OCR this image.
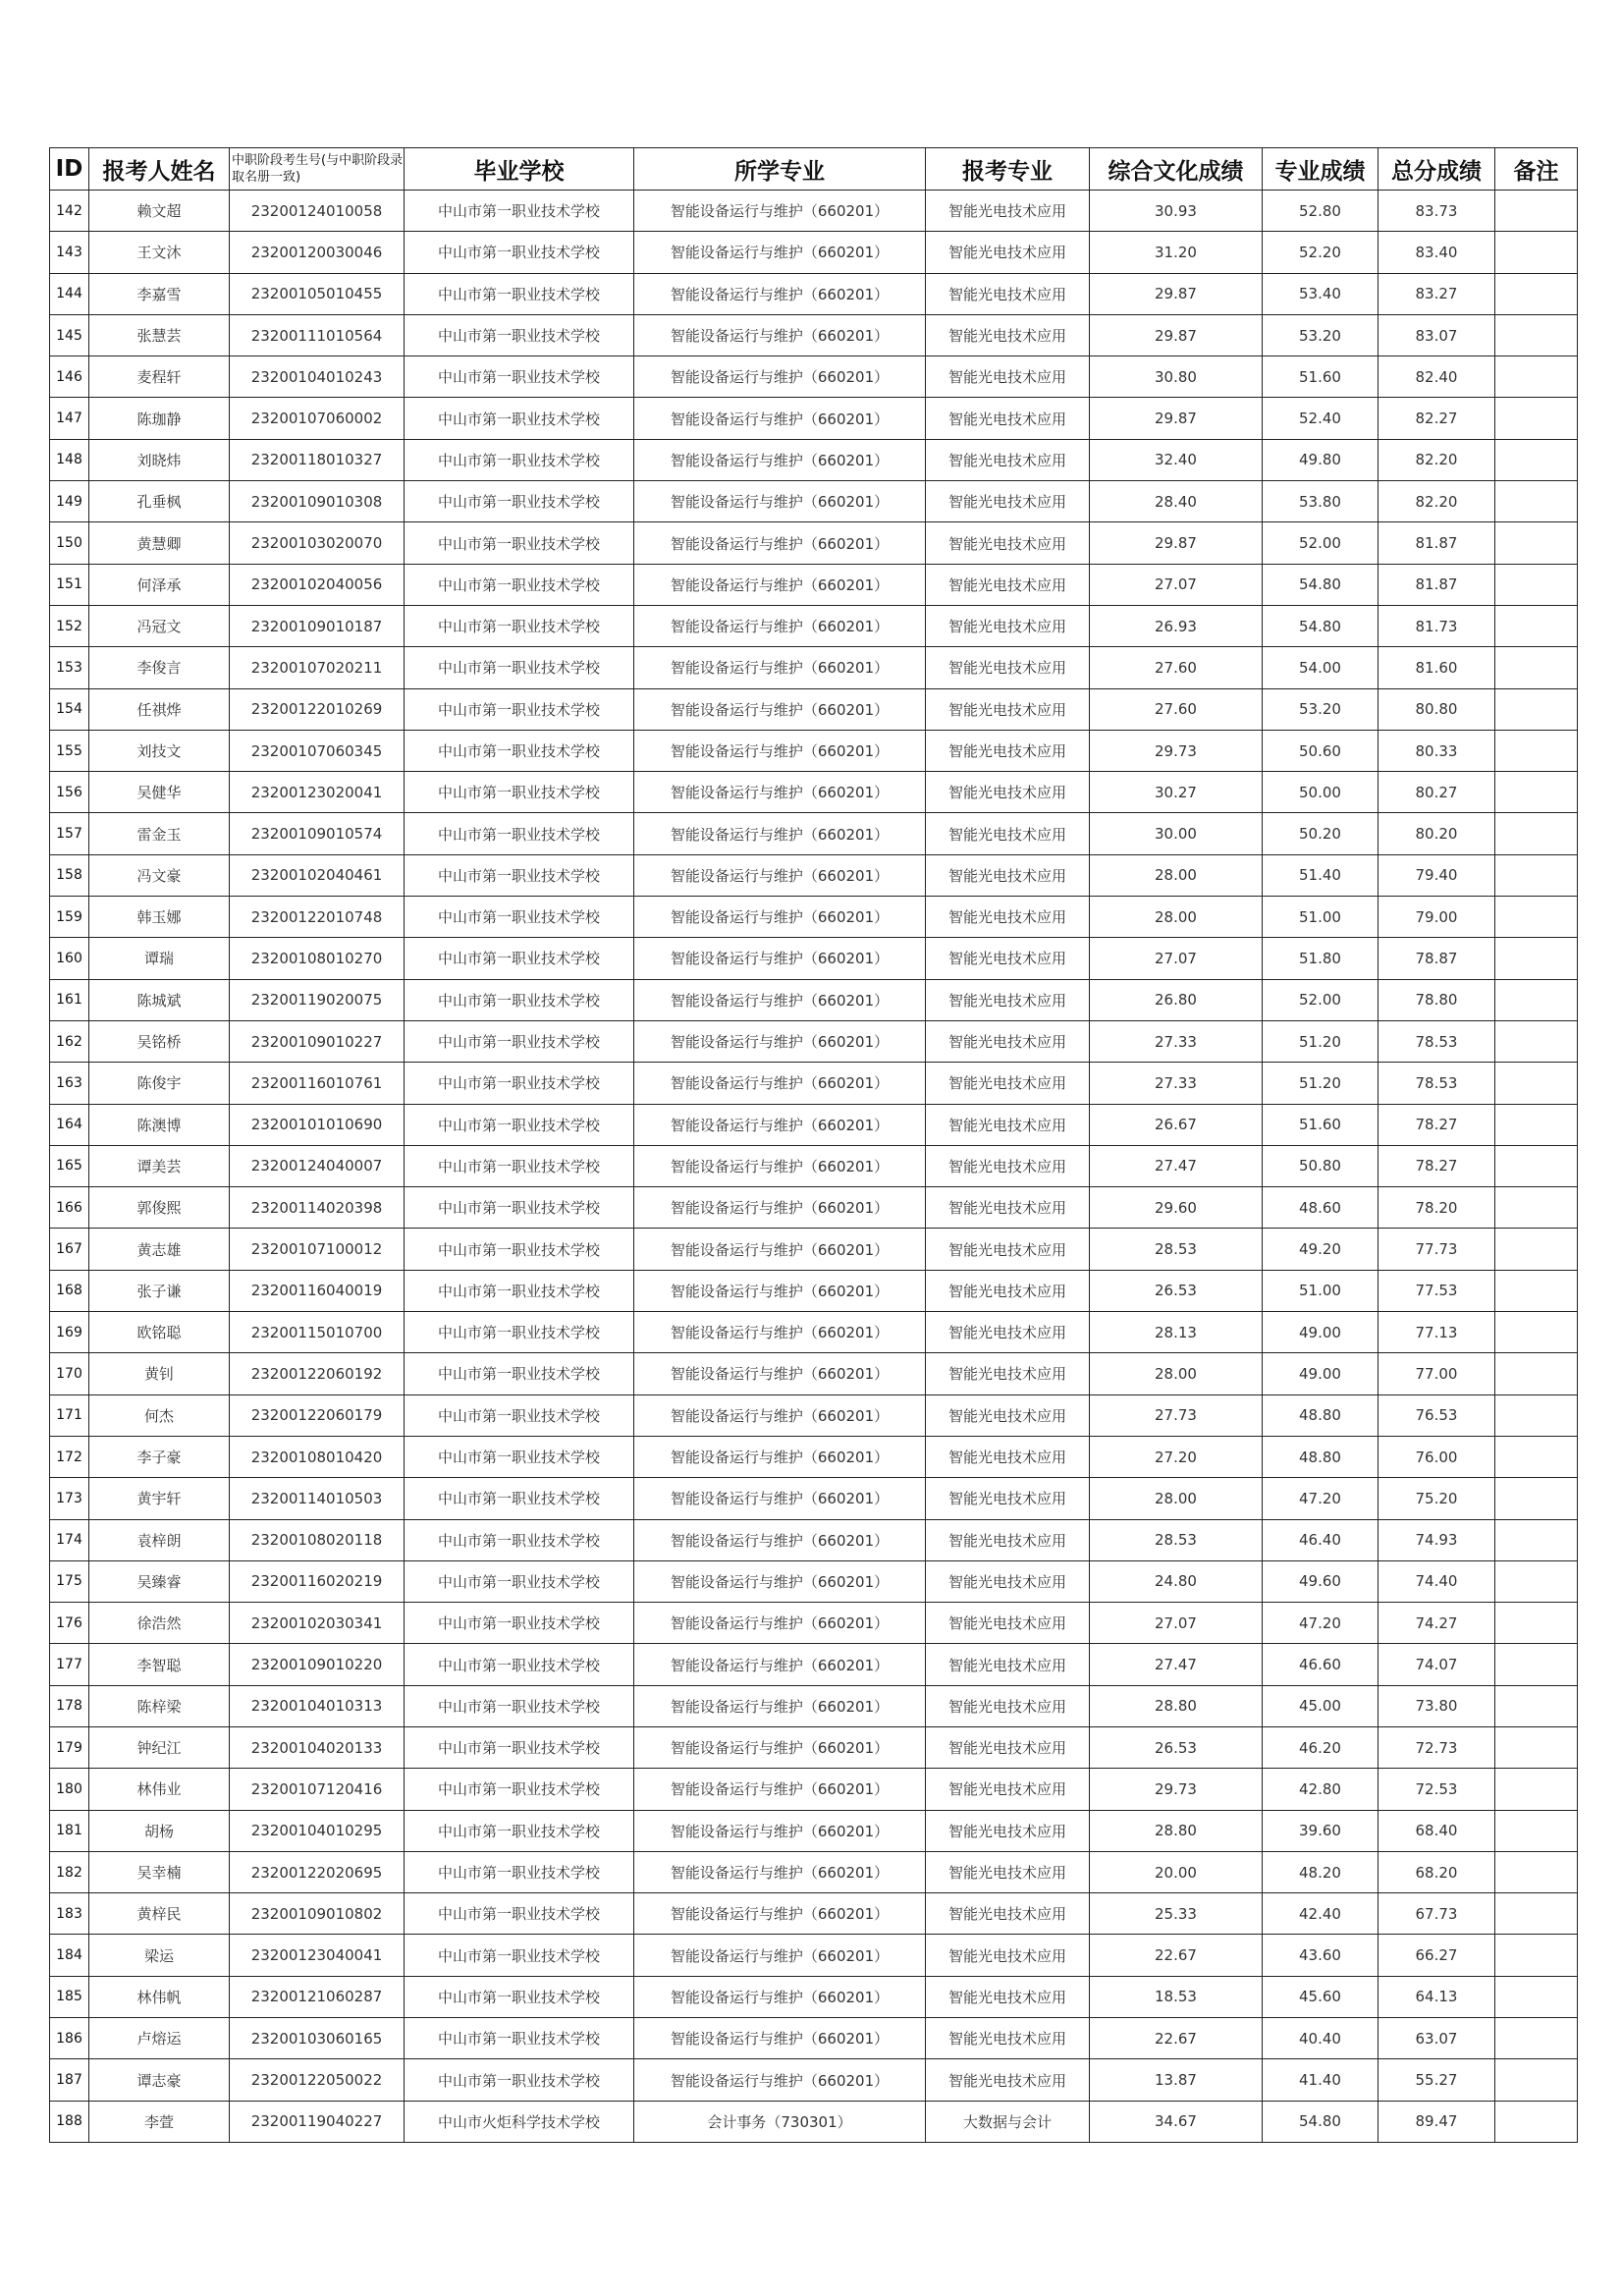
ID	报考人姓名	中职阶段考生号(与中职阶段录取名册一致)	毕业学校	所学专业	报考专业	综合文化成绩	专业成绩	总分成绩	备注
142	赖文超	23200124010058	中山市第一职业技术学校	智能设备运行与维护（660201）	智能光电技术应用	30.93	52.80	83.73	
143	王文沐	23200120030046	中山市第一职业技术学校	智能设备运行与维护（660201）	智能光电技术应用	31.20	52.20	83.40	
144	李嘉雪	23200105010455	中山市第一职业技术学校	智能设备运行与维护（660201）	智能光电技术应用	29.87	53.40	83.27	
145	张慧芸	23200111010564	中山市第一职业技术学校	智能设备运行与维护（660201）	智能光电技术应用	29.87	53.20	83.07	
146	麦程轩	23200104010243	中山市第一职业技术学校	智能设备运行与维护（660201）	智能光电技术应用	30.80	51.60	82.40	
147	陈珈静	23200107060002	中山市第一职业技术学校	智能设备运行与维护（660201）	智能光电技术应用	29.87	52.40	82.27	
148	刘晓炜	23200118010327	中山市第一职业技术学校	智能设备运行与维护（660201）	智能光电技术应用	32.40	49.80	82.20	
149	孔垂枫	23200109010308	中山市第一职业技术学校	智能设备运行与维护（660201）	智能光电技术应用	28.40	53.80	82.20	
150	黄慧卿	23200103020070	中山市第一职业技术学校	智能设备运行与维护（660201）	智能光电技术应用	29.87	52.00	81.87	
151	何泽承	23200102040056	中山市第一职业技术学校	智能设备运行与维护（660201）	智能光电技术应用	27.07	54.80	81.87	
152	冯冠文	23200109010187	中山市第一职业技术学校	智能设备运行与维护（660201）	智能光电技术应用	26.93	54.80	81.73	
153	李俊言	23200107020211	中山市第一职业技术学校	智能设备运行与维护（660201）	智能光电技术应用	27.60	54.00	81.60	
154	任祺烨	23200122010269	中山市第一职业技术学校	智能设备运行与维护（660201）	智能光电技术应用	27.60	53.20	80.80	
155	刘技文	23200107060345	中山市第一职业技术学校	智能设备运行与维护（660201）	智能光电技术应用	29.73	50.60	80.33	
156	吴健华	23200123020041	中山市第一职业技术学校	智能设备运行与维护（660201）	智能光电技术应用	30.27	50.00	80.27	
157	雷金玉	23200109010574	中山市第一职业技术学校	智能设备运行与维护（660201）	智能光电技术应用	30.00	50.20	80.20	
158	冯文豪	23200102040461	中山市第一职业技术学校	智能设备运行与维护（660201）	智能光电技术应用	28.00	51.40	79.40	
159	韩玉娜	23200122010748	中山市第一职业技术学校	智能设备运行与维护（660201）	智能光电技术应用	28.00	51.00	79.00	
160	谭瑞	23200108010270	中山市第一职业技术学校	智能设备运行与维护（660201）	智能光电技术应用	27.07	51.80	78.87	
161	陈城斌	23200119020075	中山市第一职业技术学校	智能设备运行与维护（660201）	智能光电技术应用	26.80	52.00	78.80	
162	吴铭桥	23200109010227	中山市第一职业技术学校	智能设备运行与维护（660201）	智能光电技术应用	27.33	51.20	78.53	
163	陈俊宇	23200116010761	中山市第一职业技术学校	智能设备运行与维护（660201）	智能光电技术应用	27.33	51.20	78.53	
164	陈澳博	23200101010690	中山市第一职业技术学校	智能设备运行与维护（660201）	智能光电技术应用	26.67	51.60	78.27	
165	谭美芸	23200124040007	中山市第一职业技术学校	智能设备运行与维护（660201）	智能光电技术应用	27.47	50.80	78.27	
166	郭俊熙	23200114020398	中山市第一职业技术学校	智能设备运行与维护（660201）	智能光电技术应用	29.60	48.60	78.20	
167	黄志雄	23200107100012	中山市第一职业技术学校	智能设备运行与维护（660201）	智能光电技术应用	28.53	49.20	77.73	
168	张子谦	23200116040019	中山市第一职业技术学校	智能设备运行与维护（660201）	智能光电技术应用	26.53	51.00	77.53	
169	欧铭聪	23200115010700	中山市第一职业技术学校	智能设备运行与维护（660201）	智能光电技术应用	28.13	49.00	77.13	
170	黄钊	23200122060192	中山市第一职业技术学校	智能设备运行与维护（660201）	智能光电技术应用	28.00	49.00	77.00	
171	何杰	23200122060179	中山市第一职业技术学校	智能设备运行与维护（660201）	智能光电技术应用	27.73	48.80	76.53	
172	李子豪	23200108010420	中山市第一职业技术学校	智能设备运行与维护（660201）	智能光电技术应用	27.20	48.80	76.00	
173	黄宇轩	23200114010503	中山市第一职业技术学校	智能设备运行与维护（660201）	智能光电技术应用	28.00	47.20	75.20	
174	袁梓朗	23200108020118	中山市第一职业技术学校	智能设备运行与维护（660201）	智能光电技术应用	28.53	46.40	74.93	
175	吴臻睿	23200116020219	中山市第一职业技术学校	智能设备运行与维护（660201）	智能光电技术应用	24.80	49.60	74.40	
176	徐浩然	23200102030341	中山市第一职业技术学校	智能设备运行与维护（660201）	智能光电技术应用	27.07	47.20	74.27	
177	李智聪	23200109010220	中山市第一职业技术学校	智能设备运行与维护（660201）	智能光电技术应用	27.47	46.60	74.07	
178	陈梓梁	23200104010313	中山市第一职业技术学校	智能设备运行与维护（660201）	智能光电技术应用	28.80	45.00	73.80	
179	钟纪江	23200104020133	中山市第一职业技术学校	智能设备运行与维护（660201）	智能光电技术应用	26.53	46.20	72.73	
180	林伟业	23200107120416	中山市第一职业技术学校	智能设备运行与维护（660201）	智能光电技术应用	29.73	42.80	72.53	
181	胡杨	23200104010295	中山市第一职业技术学校	智能设备运行与维护（660201）	智能光电技术应用	28.80	39.60	68.40	
182	吴幸楠	23200122020695	中山市第一职业技术学校	智能设备运行与维护（660201）	智能光电技术应用	20.00	48.20	68.20	
183	黄梓民	23200109010802	中山市第一职业技术学校	智能设备运行与维护（660201）	智能光电技术应用	25.33	42.40	67.73	
184	梁运	23200123040041	中山市第一职业技术学校	智能设备运行与维护（660201）	智能光电技术应用	22.67	43.60	66.27	
185	林伟帆	23200121060287	中山市第一职业技术学校	智能设备运行与维护（660201）	智能光电技术应用	18.53	45.60	64.13	
186	卢熔运	23200103060165	中山市第一职业技术学校	智能设备运行与维护（660201）	智能光电技术应用	22.67	40.40	63.07	
187	谭志豪	23200122050022	中山市第一职业技术学校	智能设备运行与维护（660201）	智能光电技术应用	13.87	41.40	55.27	
188	李萱	23200119040227	中山市火炬科学技术学校	会计事务（730301）	大数据与会计	34.67	54.80	89.47	
